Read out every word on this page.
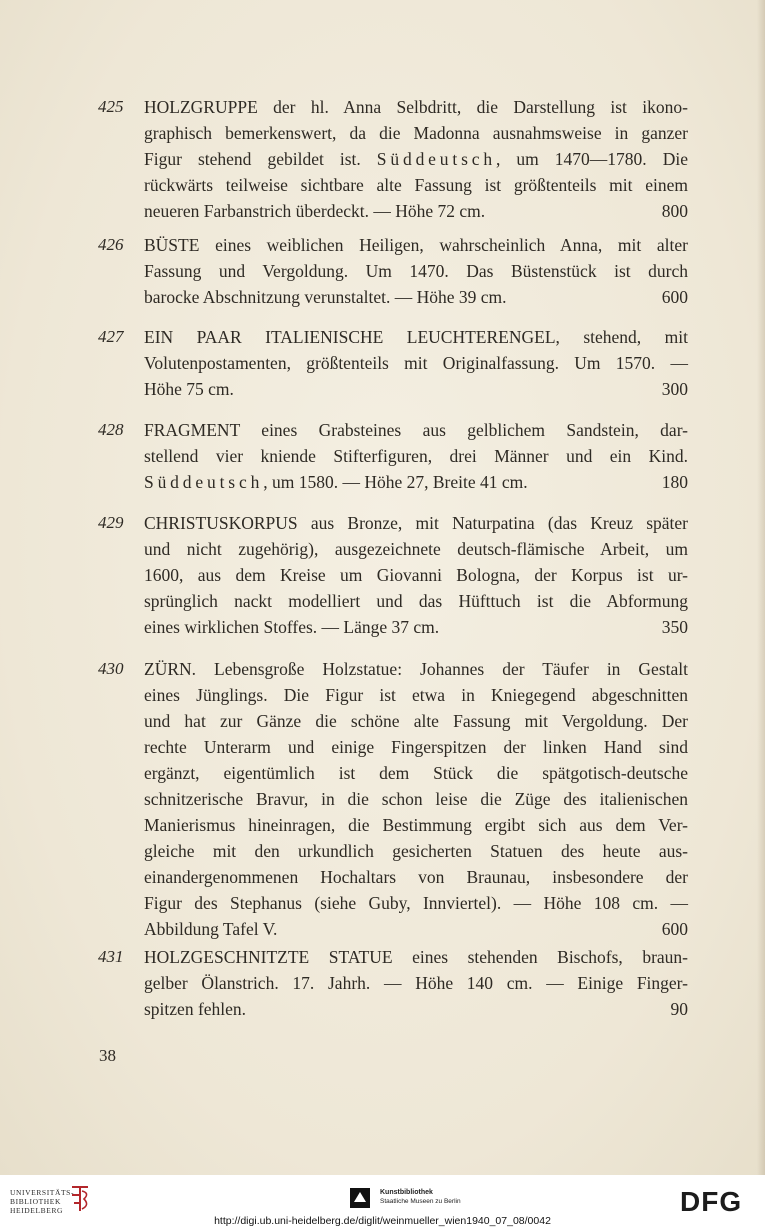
425	HOLZGRUPPE der hl. Anna Selbdritt, die Darstellung ist ikono-
graphisch bemerkenswert, da die Madonna ausnahmsweise in ganzer
Figur stehend gebildet ist. Süddeutsch, um 1470—1780. Die
rückwärts teilweise sichtbare alte Fassung ist größtenteils mit einem
neueren Farbanstrich überdeckt. — Höhe 72 cm.	800
426	BÜSTE eines weiblichen Heiligen, wahrscheinlich Anna, mit alter
Fassung und Vergoldung. Um 1470. Das Büstenstück ist durch
barocke Abschnitzung verunstaltet. — Höhe 39 cm.	600
427	EIN PAAR ITALIENISCHE LEUCHTERENGEL, stehend, mit
Volutenpostamenten, größtenteils mit Originalfassung. Um 1570. —
Höhe 75 cm.	300
428	FRAGMENT eines Grabsteines aus gelblichem Sandstein, dar-
stellend vier kniende Stifterfiguren, drei Männer und ein Kind.
Süddeutsch, um 1580. — Höhe 27, Breite 41 cm.	180
429	CHRISTUSKORPUS aus Bronze, mit Naturpatina (das Kreuz später
und nicht zugehörig), ausgezeichnete deutsch-flämische Arbeit, um
1600, aus dem Kreise um Giovanni Bologna, der Korpus ist ur-
sprünglich nackt modelliert und das Hüfttuch ist die Abformung
eines wirklichen Stoffes. — Länge 37 cm.	350
430	ZÜRN. Lebensgroße Holzstatue: Johannes der Täufer in Gestalt
eines Jünglings. Die Figur ist etwa in Kniegegend abgeschnitten
und hat zur Gänze die schöne alte Fassung mit Vergoldung. Der
rechte Unterarm und einige Fingerspitzen der linken Hand sind
ergänzt, eigentümlich ist dem Stück die spätgotisch-deutsche
schnitzerische Bravur, in die schon leise die Züge des italienischen
Manierismus hineinragen, die Bestimmung ergibt sich aus dem Ver-
gleiche mit den urkundlich gesicherten Statuen des heute aus-
einandergenommenen Hochaltars von Braunau, insbesondere der
Figur des Stephanus (siehe Guby, Innviertel). — Höhe 108 cm. —
Abbildung Tafel V.	600
431	HOLZGESCHNITZTE STATUE eines stehenden Bischofs, braun-
gelber Ölanstrich. 17. Jahrh. — Höhe 140 cm. — Einige Finger-
spitzen fehlen.	90
38
UNIVERSITÄTS-
BIBLIOTHEK
HEIDELBERG
Kunstbibliothek
Staatliche Museen zu Berlin	DFG
http://digi.ub.uni-heidelberg.de/diglit/weinmueller_wien1940_07_08/0042
